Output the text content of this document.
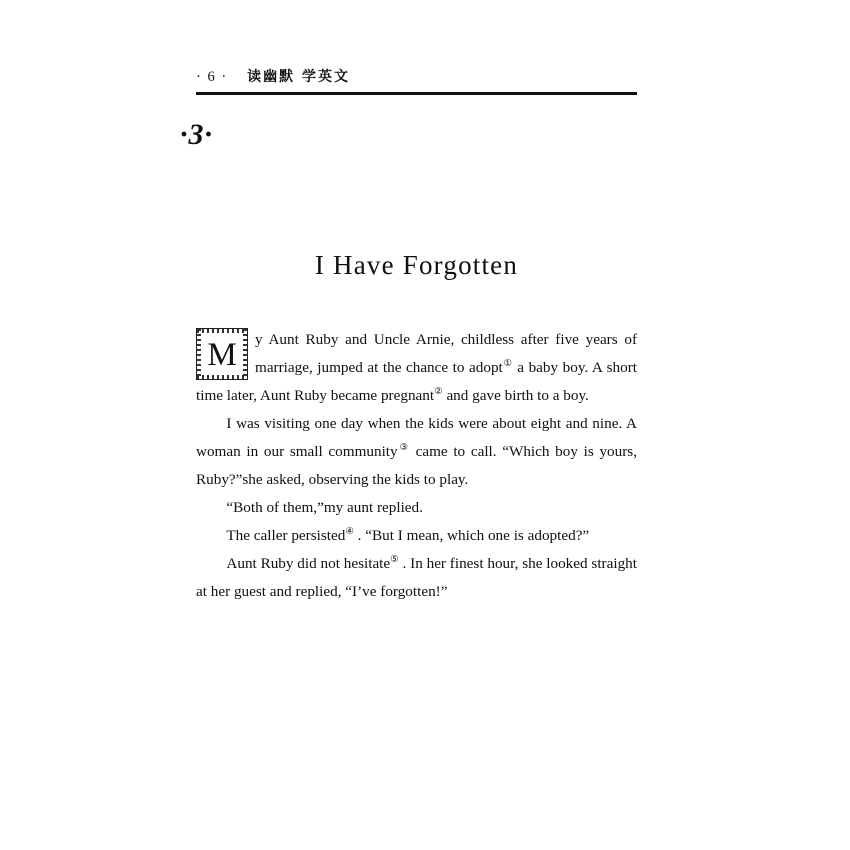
· 6 · 读幽默 学英文
·3·
I Have Forgotten

M	y Aunt Ruby and Uncle Arnie, childless after five years of marriage, jumped at the chance to adopt① a baby boy. A short time later, Aunt Ruby became pregnant② and gave birth to a boy.

I was visiting one day when the kids were about eight and nine. A woman in our small community③ came to call. “Which boy is yours, Ruby?”she asked, observing the kids to play.

“Both of them,”my aunt replied.

The caller persisted④ . “But I mean, which one is adopted?”

Aunt Ruby did not hesitate⑤ . In her finest hour, she looked straight at her guest and replied, “I’ve forgotten!”
